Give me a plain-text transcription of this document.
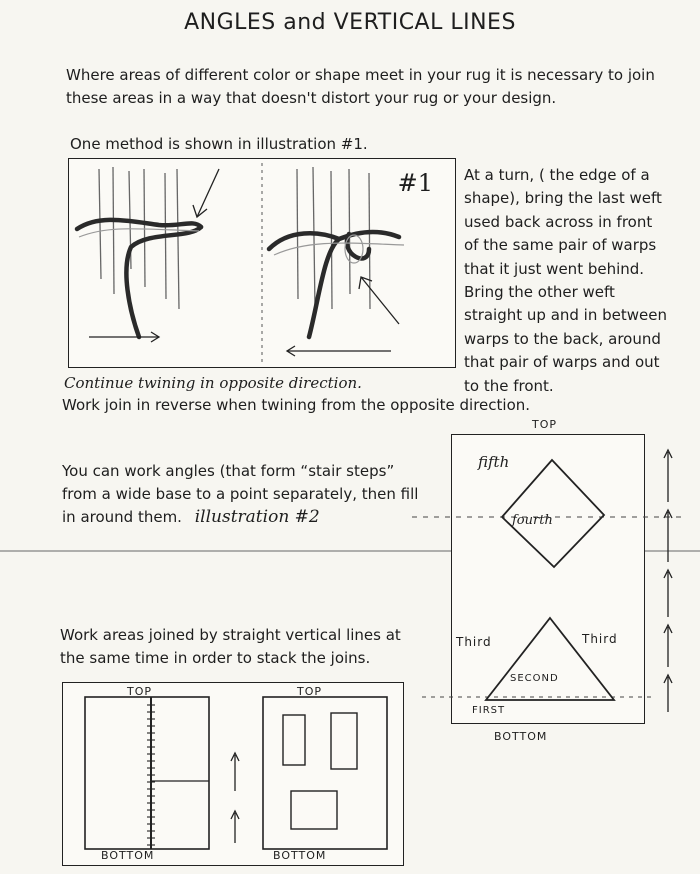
ANGLES and VERTICAL LINES
Where areas of different color or shape meet in your rug it is necessary to join
these areas in a way that doesn't distort your rug or your design.
One method is shown in illustration #1.
#1 At a turn, ( the edge of a
shape), bring the last weft
used back across in front
of the same pair of warps
that it just went behind.
Bring the other weft
straight up and in between
warps to the back, around
that pair of warps and out
to the front.
Continue twining in opposite direction.
Work join in reverse when twining from the opposite direction.
You can work angles (that form “stair steps”
from a wide base to a point separately, then fill
in around them. illustration #2
TOP
fifth
fourth
Third	Third
SECOND
FIRST
BOTTOM
Work areas joined by straight vertical lines at
the same time in order to stack the joins.
TOP	TOP
BOTTOM	BOTTOM
